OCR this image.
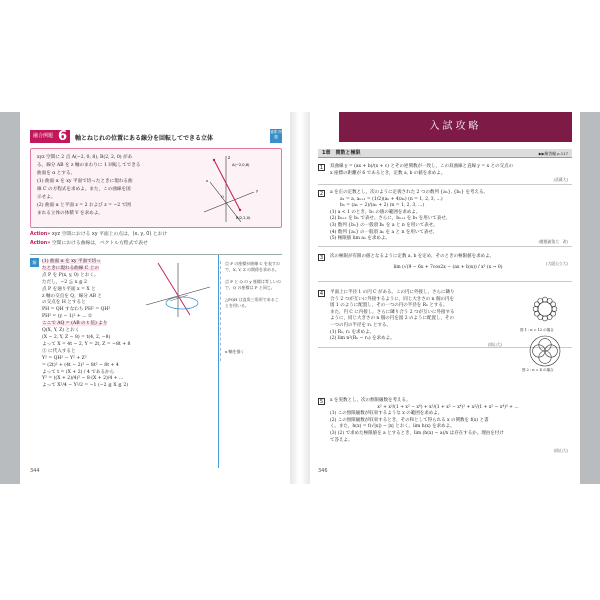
融合例題 6 軸とねじれの位置にある線分を回転してできる立体
重要 例題

xyz 空間に 2 点 A(−2, 0, 8), B(2, 2, 0) があ

る。線分 AB を z 軸のまわりに 1 回転してできる

曲面を α とする。

(1) 曲面 α を xy 平面で切ったときに現れる曲

線 C の方程式を求めよ。また，この曲線を図

示せよ。

(2) 曲面 α と平面 z = 2 および z = −2 で囲

まれる立体の体積 V を求めよ。

z
A(−2,0,8)
O
x
y
B(2,2,0)
Action» xyz 空間における xy 平面上の点は，(x, y, 0) とおけ
Action» 空間における曲線は，ベクトル方程式で表せ
解	(1) 曲面 α を xy 平面で切っ

たときに現れる曲線 C 上の

点 P を P(x, y, 0) とおく。

ただし，−2 ≦ x ≦ 2

点 P を通り平面 x = X と

z 軸の交点を Q，線分 AB と

の交点を H とすると

PH = QH すなわち PH² = QH²

PH² = (y − 1)² + ... ①

ここで AQ = (AB の t 倍) より

Q(X, Y, Z) とおく

(X − 2, Y, Z − 8) = t(4, 2, −8)

よって X = 4t − 2, Y = 2t, Z = −8t + 8

① に代入すると

Y² = QH² − Y² + Z²

= (2t)² + (4t − 2)² − 8t² − 8t + 4

よって t = (X + 2) / 4 であるから

Y² = ((X + 2)/4)² − 8·(X + 2)/4 + ...

よって X²/4 − Y²/2 = −1 (−2 ≦ X ≦ 2)

点 P の座標が曲線 C を表すので，X, Y, Z の関係を求める。

点 P と Q の y 座標は等しいので，Q の座標は P と同じ。

△PQH は直角三角形であることを用いる。

x 軸を描く

344
入試攻略
1章　関数と極限	▶▶解答編 p.117
1	双曲線 y = (ax + b)/(x + c) とその逆関数が一致し，この双曲線と直線 y = x との交点の

x 座標の距離が 6 であるとき，定数 a, b の値を求めよ。

(武蔵大)
2	a を正の定数とし，次のように定義された 2 つの数列 {aₙ}, {bₙ} を考える。

a₁ = a, aₙ₊₁ = (1/2)(aₙ + 4/aₙ) (n = 1, 2, 3, ...)

bₙ = (aₙ − 2)/(aₙ + 2) (n = 1, 2, 3, ...)

(1) a < 1 のとき，b₁ の値の範囲を求めよ。

(2) bₙ₊₁ を bₙ で表せ。さらに，bₙ₊₁ を b₁ を用いて表せ。

(3) 数列 {bₙ} の一般項 bₙ を a と n を用いて表せ。

(4) 数列 {aₙ} の一般項 aₙ を a と n を用いて表せ。

(5) 極限値 lim aₙ を求めよ。

(慶應義塾大　改)
3	次の極限が有限の値となるように定数 a, b を定め，そのときの極限値を求めよ。

lim (√(9 − 6x + 7cos2x − (ax + b)x)) / x² (x → 0)

(大阪公立大)
4	平面上に半径 1 の円 C がある。この円に外接し，さらに隣り

合う 2 つが互いに外接するように，同じ大きさの n 個の円を

図 1 のように配置し，その一つの円の半径を Rₙ とする。

また，円 C に内接し，さらに隣り合う 2 つが互いに外接する

ように，同じ大きさの n 個の円を図 2 のように配置し，その

一つの円の半径を rₙ とする。

(1) Rₙ, rₙ を求めよ。

(2) lim n²(Rₙ − rₙ) を求めよ。

図 1 : n = 12 の場合
図 2 : n = 4 の場合
(岡山大)
5	x を実数とし，次の無限級数を考える。

x² + x²/(1 + x² − x⁴) + x²/(1 + x² − x⁴)² + x²/(1 + x² − x⁴)³ + ...

(1) この無限級数が収束するような x の範囲を求めよ。

(2) この無限級数が収束するとき，その和として得られる x の関数を f(x) と書

く。また，h(x) = f(√|x|) − |x| とおく。lim h(x) を求めよ。

(3) (2) で求めた極限値を a とするとき，lim (h(x) − a)/x は存在するか。理由を付け

て答えよ。

(岡山大)
346
